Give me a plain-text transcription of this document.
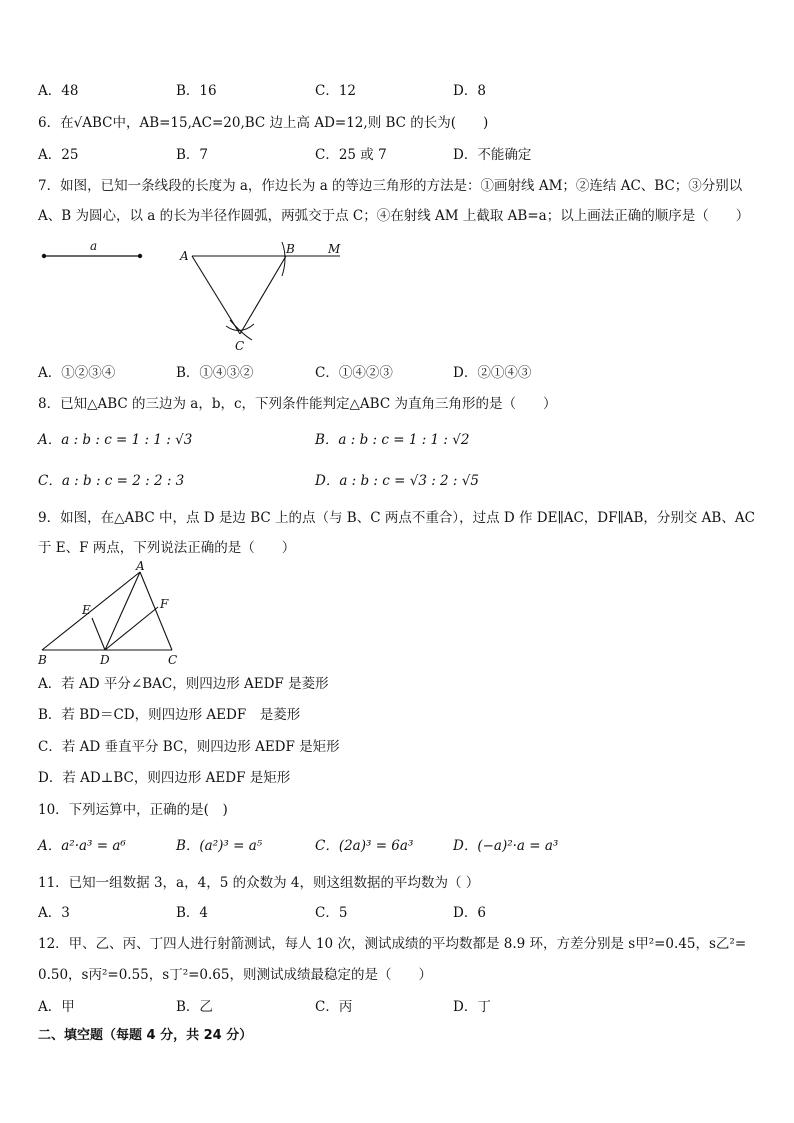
A．48	B．16	C．12	D．8
6．在√ABC中，AB=15,AC=20,BC 边上高 AD=12,则 BC 的长为(　　)
A．25	B．7	C．25 或 7	D．不能确定
7．如图，已知一条线段的长度为 a，作边长为 a 的等边三角形的方法是：①画射线 AM；②连结 AC、BC；③分别以
A、B 为圆心，以 a 的长为半径作圆弧，两弧交于点 C；④在射线 AM 上截取 AB=a；以上画法正确的顺序是（　　）
a
A	B	M
C
A．①②③④	B．①④③②	C．①④②③	D．②①④③
8．已知△ABC 的三边为 a，b，c，下列条件能判定△ABC 为直角三角形的是（　　）
A．a : b : c = 1 : 1 : √3	B．a : b : c = 1 : 1 : √2
C．a : b : c = 2 : 2 : 3	D．a : b : c = √3 : 2 : √5
9．如图，在△ABC 中，点 D 是边 BC 上的点（与 B、C 两点不重合），过点 D 作 DE∥AC，DF∥AB，分别交 AB、AC
于 E、F 两点，下列说法正确的是（　　）
A
E	F
B	D	C
A．若 AD 平分∠BAC，则四边形 AEDF 是菱形
B．若 BD＝CD，则四边形 AEDF　是菱形
C．若 AD 垂直平分 BC，则四边形 AEDF 是矩形
D．若 AD⊥BC，则四边形 AEDF 是矩形
10．下列运算中，正确的是(　)
A．a²·a³ = a⁶	B．(a²)³ = a⁵	C．(2a)³ = 6a³	D．(−a)²·a = a³
11．已知一组数据 3，a，4，5 的众数为 4，则这组数据的平均数为（ ）
A．3	B．4	C．5	D．6
12．甲、乙、丙、丁四人进行射箭测试，每人 10 次，测试成绩的平均数都是 8.9 环，方差分别是 s甲²=0.45，s乙²=
0.50，s丙²=0.55，s丁²=0.65，则测试成绩最稳定的是（　　）
A．甲	B．乙	C．丙	D．丁
二、填空题（每题 4 分，共 24 分）
